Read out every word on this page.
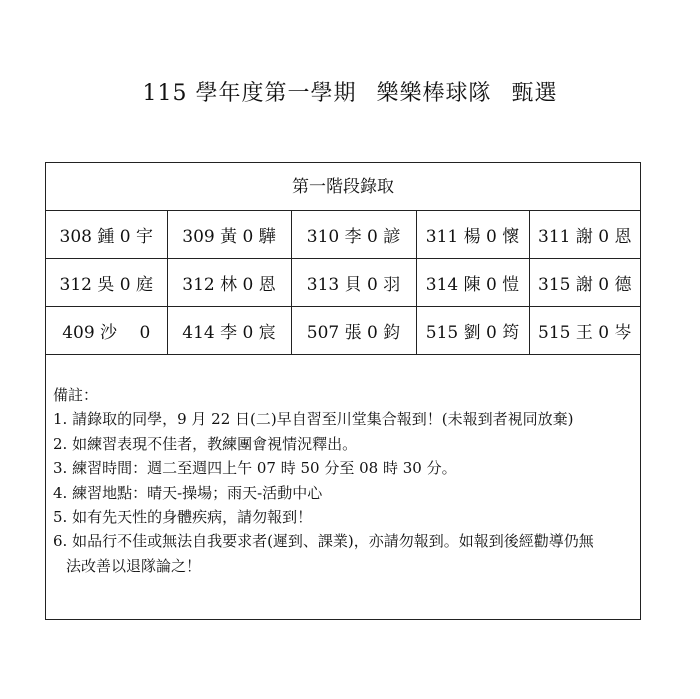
115 學年度第一學期 樂樂棒球隊 甄選
第一階段錄取
308 鍾 0 宇	309 黃 0 驊	310 李 0 諺	311 楊 0 懷	311 謝 0 恩
312 吳 0 庭	312 林 0 恩	313 貝 0 羽	314 陳 0 愷	315 謝 0 德
409 沙　 0	414 李 0 宸	507 張 0 鈞	515 劉 0 筠	515 王 0 岑
備註：
1. 請錄取的同學，9 月 22 日(二)早自習至川堂集合報到！(未報到者視同放棄)
2. 如練習表現不佳者，教練團會視情況釋出。
3. 練習時間：週二至週四上午 07 時 50 分至 08 時 30 分。
4. 練習地點：晴天-操場；雨天-活動中心
5. 如有先天性的身體疾病，請勿報到！
6. 如品行不佳或無法自我要求者(遲到、課業)，亦請勿報到。如報到後經勸導仍無
法改善以退隊論之！
